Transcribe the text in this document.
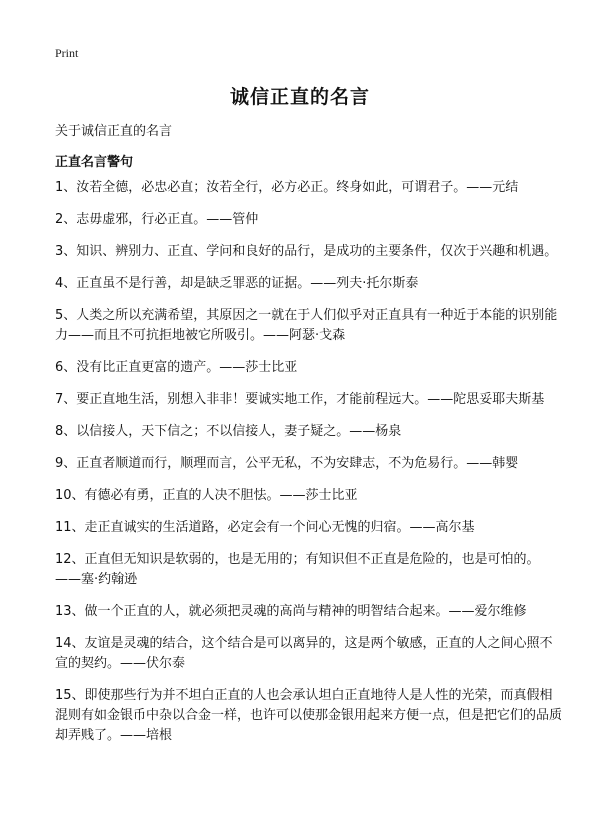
Print
诚信正直的名言
关于诚信正直的名言
正直名言警句
1、汝若全德，必忠必直；汝若全行，必方必正。终身如此，可谓君子。——元结
2、志毋虚邪，行必正直。——管仲
3、知识、辨别力、正直、学问和良好的品行，是成功的主要条件，仅次于兴趣和机遇。
4、正直虽不是行善，却是缺乏罪恶的证据。——列夫·托尔斯泰
5、人类之所以充满希望，其原因之一就在于人们似乎对正直具有一种近于本能的识别能力——而且不可抗拒地被它所吸引。——阿瑟·戈森
6、没有比正直更富的遗产。——莎士比亚
7、要正直地生活，别想入非非！要诚实地工作，才能前程远大。——陀思妥耶夫斯基
8、以信接人，天下信之；不以信接人，妻子疑之。——杨泉
9、正直者顺道而行，顺理而言，公平无私，不为安肆志，不为危易行。——韩婴
10、有德必有勇，正直的人决不胆怯。——莎士比亚
11、走正直诚实的生活道路，必定会有一个问心无愧的归宿。——高尔基
12、正直但无知识是软弱的，也是无用的；有知识但不正直是危险的，也是可怕的。——塞·约翰逊
13、做一个正直的人，就必须把灵魂的高尚与精神的明智结合起来。——爱尔维修
14、友谊是灵魂的结合，这个结合是可以离异的，这是两个敏感，正直的人之间心照不宣的契约。——伏尔泰
15、即使那些行为并不坦白正直的人也会承认坦白正直地待人是人性的光荣，而真假相混则有如金银币中杂以合金一样，也许可以使那金银用起来方便一点，但是把它们的品质却弄贱了。——培根
